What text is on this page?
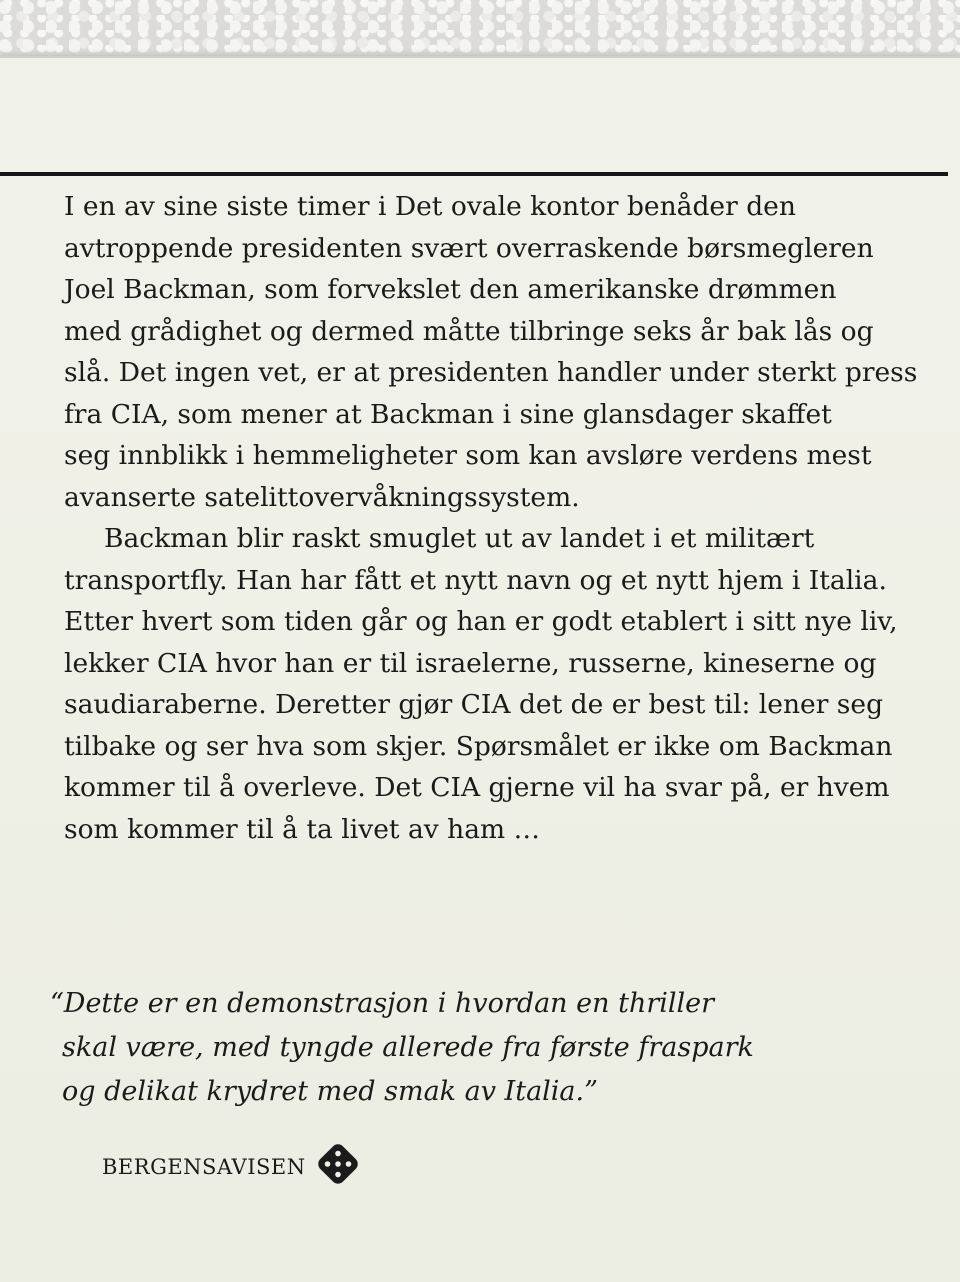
I en av sine siste timer i Det ovale kontor benåder den

avtroppende presidenten svært overraskende børsmegleren

Joel Backman, som forvekslet den amerikanske drømmen

med grådighet og dermed måtte tilbringe seks år bak lås og

slå. Det ingen vet, er at presidenten handler under sterkt press

fra CIA, som mener at Backman i sine glansdager skaffet

seg innblikk i hemmeligheter som kan avsløre verdens mest

avanserte satelittovervåkningssystem.

Backman blir raskt smuglet ut av landet i et militært

transportfly. Han har fått et nytt navn og et nytt hjem i Italia.

Etter hvert som tiden går og han er godt etablert i sitt nye liv,

lekker CIA hvor han er til israelerne, russerne, kineserne og

saudiaraberne. Deretter gjør CIA det de er best til: lener seg

tilbake og ser hva som skjer. Spørsmålet er ikke om Backman

kommer til å overleve. Det CIA gjerne vil ha svar på, er hvem

som kommer til å ta livet av ham …

“Dette er en demonstrasjon i hvordan en thriller
skal være, med tyngde allerede fra første fraspark
og delikat krydret med smak av Italia.”
BERGENSAVISEN
